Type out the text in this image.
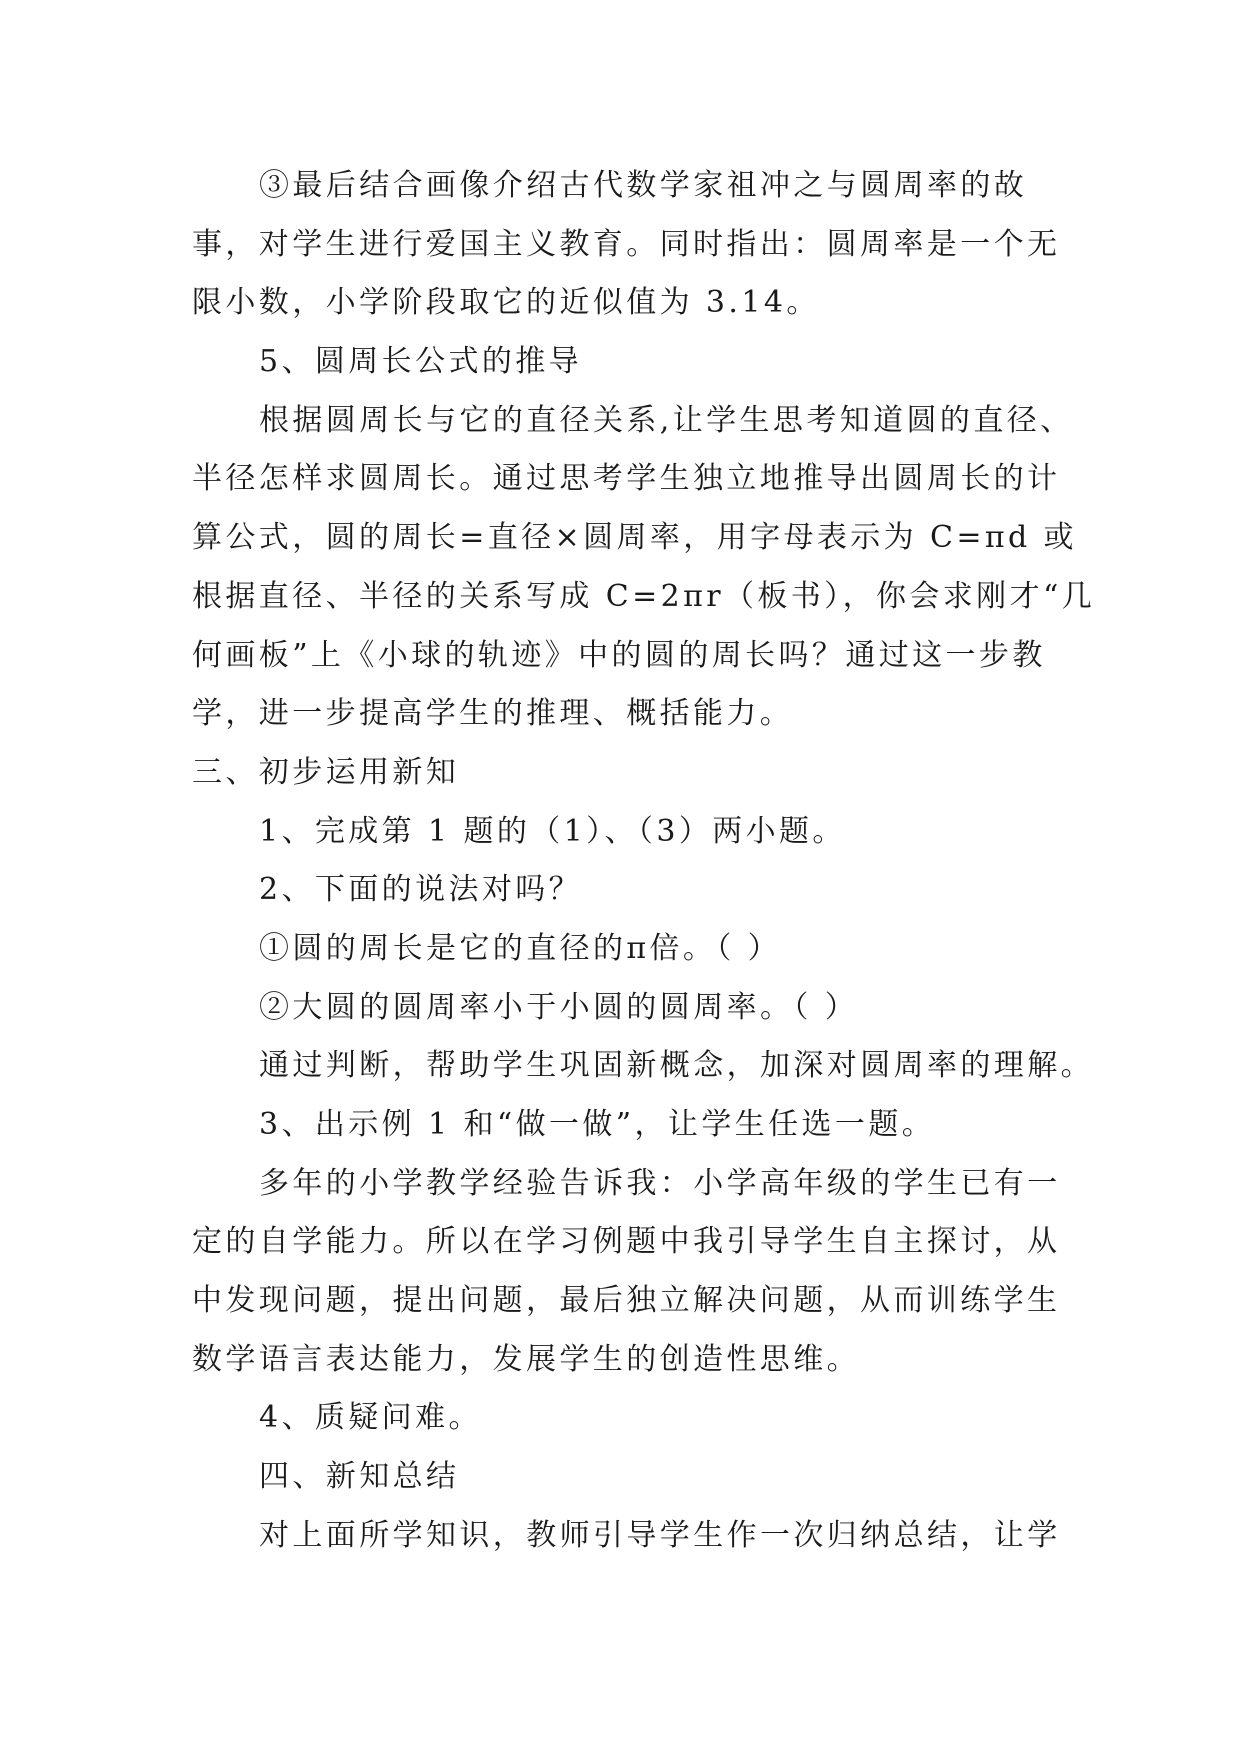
③最后结合画像介绍古代数学家祖冲之与圆周率的故
事，对学生进行爱国主义教育。同时指出：圆周率是一个无
限小数，小学阶段取它的近似值为 3.14。
5、圆周长公式的推导
根据圆周长与它的直径关系,让学生思考知道圆的直径、
半径怎样求圆周长。通过思考学生独立地推导出圆周长的计
算公式，圆的周长=直径×圆周率，用字母表示为 C=πd 或
根据直径、半径的关系写成 C=2πr（板书），你会求刚才“几
何画板”上《小球的轨迹》中的圆的周长吗？通过这一步教
学，进一步提高学生的推理、概括能力。
三、初步运用新知
1、完成第 1 题的（1）、（3）两小题。
2、下面的说法对吗？
①圆的周长是它的直径的π倍。（ ）
②大圆的圆周率小于小圆的圆周率。（ ）
通过判断，帮助学生巩固新概念，加深对圆周率的理解。
3、出示例 1 和“做一做”，让学生任选一题。
多年的小学教学经验告诉我：小学高年级的学生已有一
定的自学能力。所以在学习例题中我引导学生自主探讨，从
中发现问题，提出问题，最后独立解决问题，从而训练学生
数学语言表达能力，发展学生的创造性思维。
4、质疑问难。
四、新知总结
对上面所学知识，教师引导学生作一次归纳总结，让学
